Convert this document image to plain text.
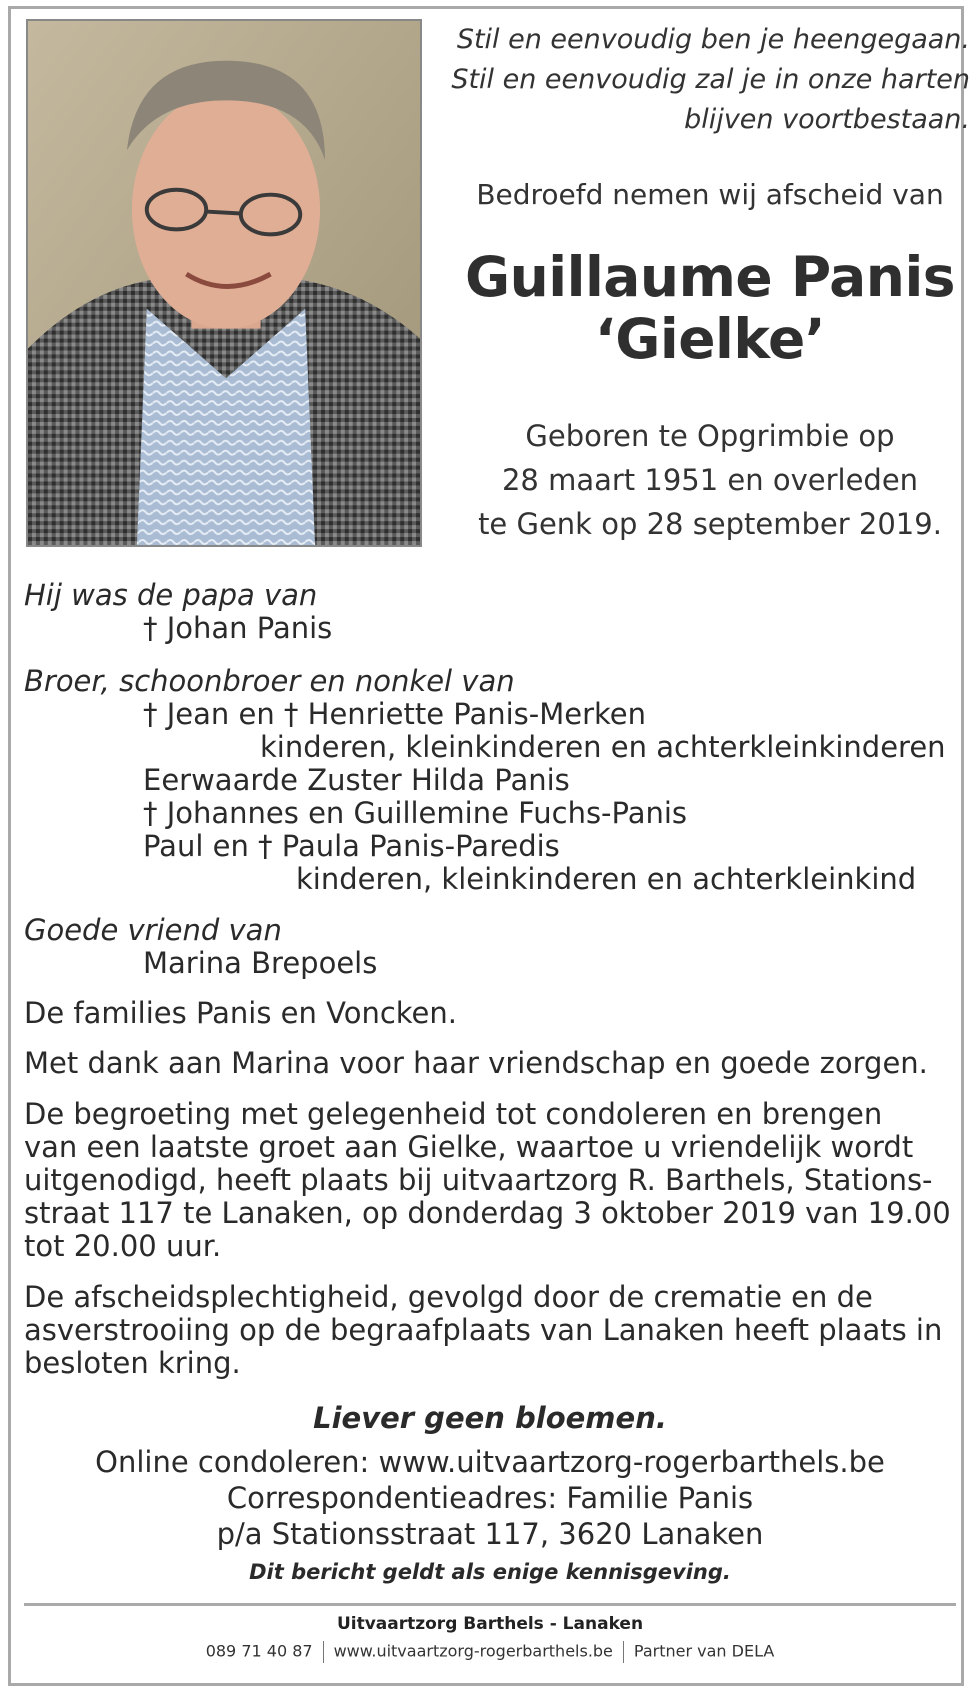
Stil en eenvoudig ben je heengegaan.
Stil en eenvoudig zal je in onze harten
blijven voortbestaan.
Bedroefd nemen wij afscheid van
Guillaume Panis
‘Gielke’
Geboren te Opgrimbie op
28 maart 1951 en overleden
te Genk op 28 september 2019.
Hij was de papa van
† Johan Panis
Broer, schoonbroer en nonkel van
† Jean en † Henriette Panis-Merken
kinderen, kleinkinderen en achterkleinkinderen
Eerwaarde Zuster Hilda Panis
† Johannes en Guillemine Fuchs-Panis
Paul en † Paula Panis-Paredis
kinderen, kleinkinderen en achterkleinkind
Goede vriend van
Marina Brepoels
De families Panis en Voncken.
Met dank aan Marina voor haar vriendschap en goede zorgen.
De begroeting met gelegenheid tot condoleren en brengen
van een laatste groet aan Gielke, waartoe u vriendelijk wordt
uitgenodigd, heeft plaats bij uitvaartzorg R. Barthels, Stations-
straat 117 te Lanaken, op donderdag 3 oktober 2019 van 19.00
tot 20.00 uur.
De afscheidsplechtigheid, gevolgd door de crematie en de
asverstrooiing op de begraafplaats van Lanaken heeft plaats in
besloten kring.
Liever geen bloemen.
Online condoleren: www.uitvaartzorg-rogerbarthels.be
Correspondentieadres: Familie Panis
p/a Stationsstraat 117, 3620 Lanaken
Dit bericht geldt als enige kennisgeving.
Uitvaartzorg Barthels - Lanaken
089 71 40 87 www.uitvaartzorg-rogerbarthels.be Partner van DELA
